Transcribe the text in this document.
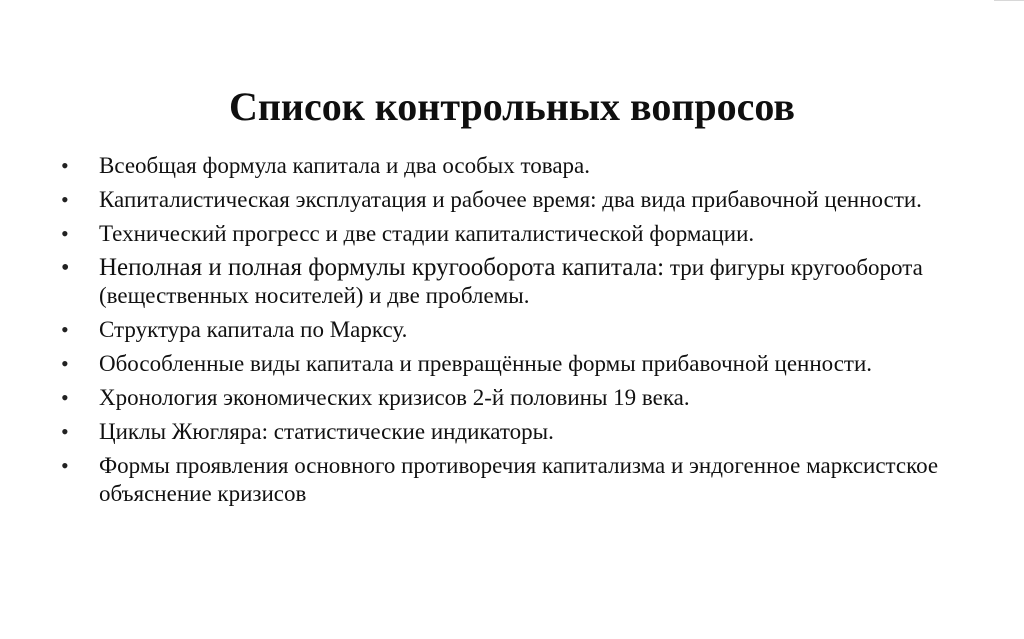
Список контрольных вопросов
• Всеобщая формула капитала и два особых товара.
• Капиталистическая эксплуатация и рабочее время: два вида прибавочной ценности.
• Технический прогресс и две стадии капиталистической формации.
• Неполная и полная формулы кругооборота капитала: три фигуры кругооборота (вещественных носителей) и две проблемы.
• Структура капитала по Марксу.
• Обособленные виды капитала и превращённые формы прибавочной ценности.
• Хронология экономических кризисов 2-й половины 19 века.
• Циклы Жюгляра: статистические индикаторы.
• Формы проявления основного противоречия капитализма и эндогенное марксистское объяснение кризисов
